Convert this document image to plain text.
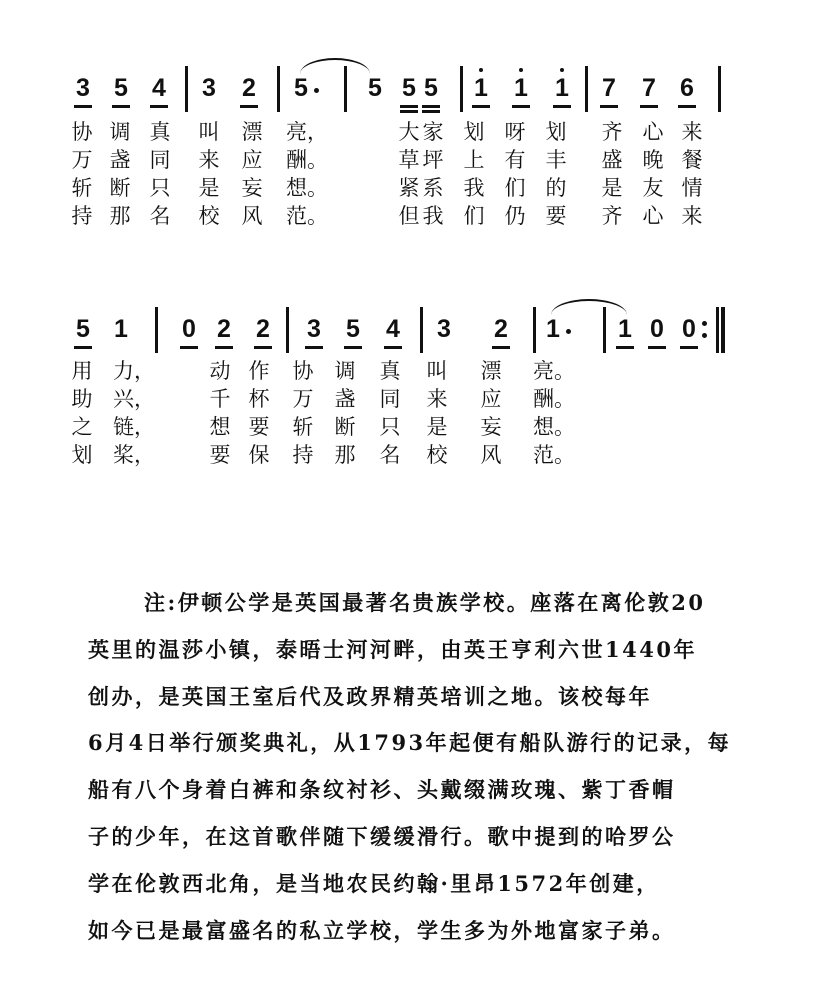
3 5 4 3 2 5 5 5 5 1 1 1 7 7 6
协 调 真 叫 漂 亮，	大 家 划 呀 划 齐 心 来
万 盏 同 来 应 酬。	草 坪 上 有 丰 盛 晚 餐
斩 断 只 是 妄 想。	紧 系 我 们 的 是 友 情
持 那 名 校 风 范。	但 我 们 仍 要 齐 心 来
5 1 0 2 2 3 5 4 3 2 1 1 0 0
用 力，	动 作 协 调 真 叫 漂 亮。
助 兴，	千 杯 万 盏 同 来 应 酬。
之 链，	想 要 斩 断 只 是 妄 想。
划 桨，	要 保 持 那 名 校 风 范。
注:伊顿公学是英国最著名贵族学校。座落在离伦敦20
英里的温莎小镇，泰晤士河河畔，由英王亨利六世1440年
创办，是英国王室后代及政界精英培训之地。该校每年
6月4日举行颁奖典礼，从1793年起便有船队游行的记录，每
船有八个身着白裤和条纹衬衫、头戴缀满玫瑰、紫丁香帽
子的少年，在这首歌伴随下缓缓滑行。歌中提到的哈罗公
学在伦敦西北角，是当地农民约翰·里昂1572年创建，
如今已是最富盛名的私立学校，学生多为外地富家子弟。
